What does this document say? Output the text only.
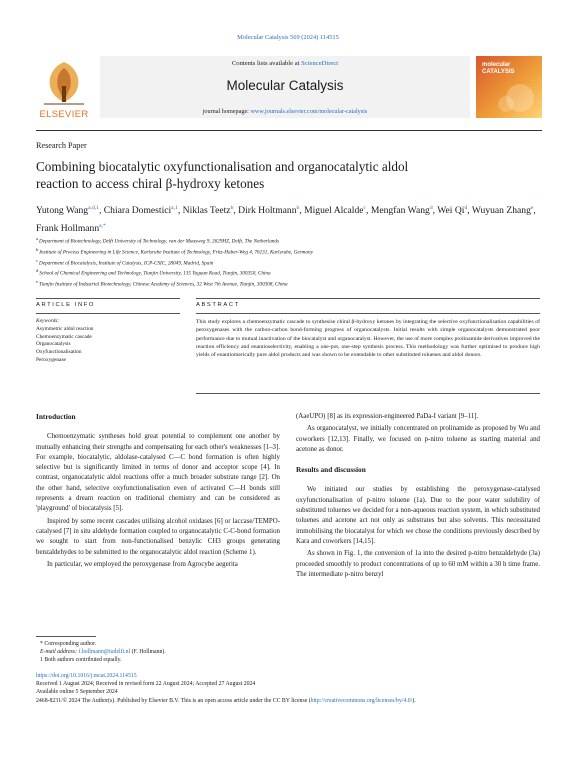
Molecular Catalysis 569 (2024) 114515
ELSEVIER
Contents lists available at ScienceDirect
Molecular Catalysis
journal homepage: www.journals.elsevier.com/molecular-catalysis
molecular CATALYSIS
Research Paper
Combining biocatalytic oxyfunctionalisation and organocatalytic aldol
reaction to access chiral β-hydroxy ketones
Yutong Wang$^{a,d,1}$, Chiara Domestici$^{a,1}$, Niklas Teetz$^b$, Dirk Holtmann$^b$, Miguel Alcalde$^c$, Mengfan Wang$^d$, Wei Qi$^d$, Wuyuan Zhang$^e$, Frank Hollmann$^{a,*}$
$^a$ Department of Biotechnology, Delft University of Technology, van der Maasweg 9, 2629HZ, Delft, The Netherlands
$^b$ Institute of Process Engineering in Life Science, Karlsruhe Institute of Technology, Fritz-Haber-Weg 4, 76131, Karlsruhe, Germany
$^c$ Department of Biocatalysis, Institute of Catalysis, ICP-CSIC, 28049, Madrid, Spain
$^d$ School of Chemical Engineering and Technology, Tianjin University, 135 Yaguan Road, Tianjin, 300350, China
$^e$ Tianjin Institute of Industrial Biotechnology, Chinese Academy of Sciences, 32 West 7th Avenue, Tianjin, 300308, China
ARTICLE INFO
Keywords:
Asymmetric aldol reaction
Chemoenzymatic cascade
Organocatalysis
Oxyfunctionalisation
Peroxygenase
ABSTRACT
This study explores a chemoenzymatic cascade to synthesise chiral β-hydroxy ketones by integrating the selective oxyfunctionalisation capabilities of peroxygenases with the carbon-carbon bond-forming progress of organocatalysts. Initial results with simple organocatalysts demonstrated poor performance due to mutual inactivation of the biocatalyst and organocatalyst. However, the use of more complex prolinamide derivatives improved the reaction efficiency and enantioselectivity, enabling a one-pot, one-step synthesis process. This methodology was further optimised to produce high yields of enantiomerically pure aldol products and was shown to be extendable to other substituted toluenes and aldol donors.
Introduction

Chemoenzymatic syntheses hold great potential to complement one another by mutually enhancing their strengths and compensating for each other's weaknesses [1–3]. For example, biocatalytic, aldolase-catalysed C—C bond formation is often highly selective but is significantly limited in terms of donor and acceptor scope [4]. In contrast, organocatalytic aldol reactions offer a much broader substrate range [2]. On the other hand, selective oxyfunctionalisation even of activated C—H bonds still represents a dream reaction on traditional chemistry and can be considered as 'playground' of biocatalysis [5].

Inspired by some recent cascades utilising alcohol oxidases [6] or laccase/TEMPO-catalysed [7] in situ aldehyde formation coupled to organocatalytic C-C-bond formation we sought to start from non-functionalised benzylic CH3 groups generating benzaldehydes to be submitted to the organocatalytic aldol reaction (Scheme 1).

In particular, we employed the peroxygenase from Agrocybe aegerita

(AaeUPO) [8] as its expression-engineered PaDa-I variant [9–11].

As organocatalyst, we initially concentrated on prolinamide as proposed by Wu and coworkers [12,13]. Finally, we focused on p-nitro toluene as starting material and acetone as donor.

Results and discussion

We initiated our studies by establishing the peroxygenase-catalysed oxyfunctionalisation of p-nitro toluene (1a). Due to the poor water solubility of substituted toluenes we decided for a non-aqueous reaction system, in which substituted toluenes and acetone act not only as substrates but also solvents. This necessitated immobilising the biocatalyst for which we chose the conditions previously described by Kara and coworkers [14,15].

As shown in Fig. 1, the conversion of 1a into the desired p-nitro benzaldehyde (3a) proceeded smoothly to product concentrations of up to 60 mM within a 30 h time frame. The intermediate p-nitro benzyl

* Corresponding author.
E-mail address: f.hollmann@tudelft.nl (F. Hollmann).
1 Both authors contributed equally.
https://doi.org/10.1016/j.mcat.2024.114515
Received 1 August 2024; Received in revised form 22 August 2024; Accepted 27 August 2024
Available online 5 September 2024
2468-8231/© 2024 The Author(s). Published by Elsevier B.V. This is an open access article under the CC BY license (http://creativecommons.org/licenses/by/4.0/).
